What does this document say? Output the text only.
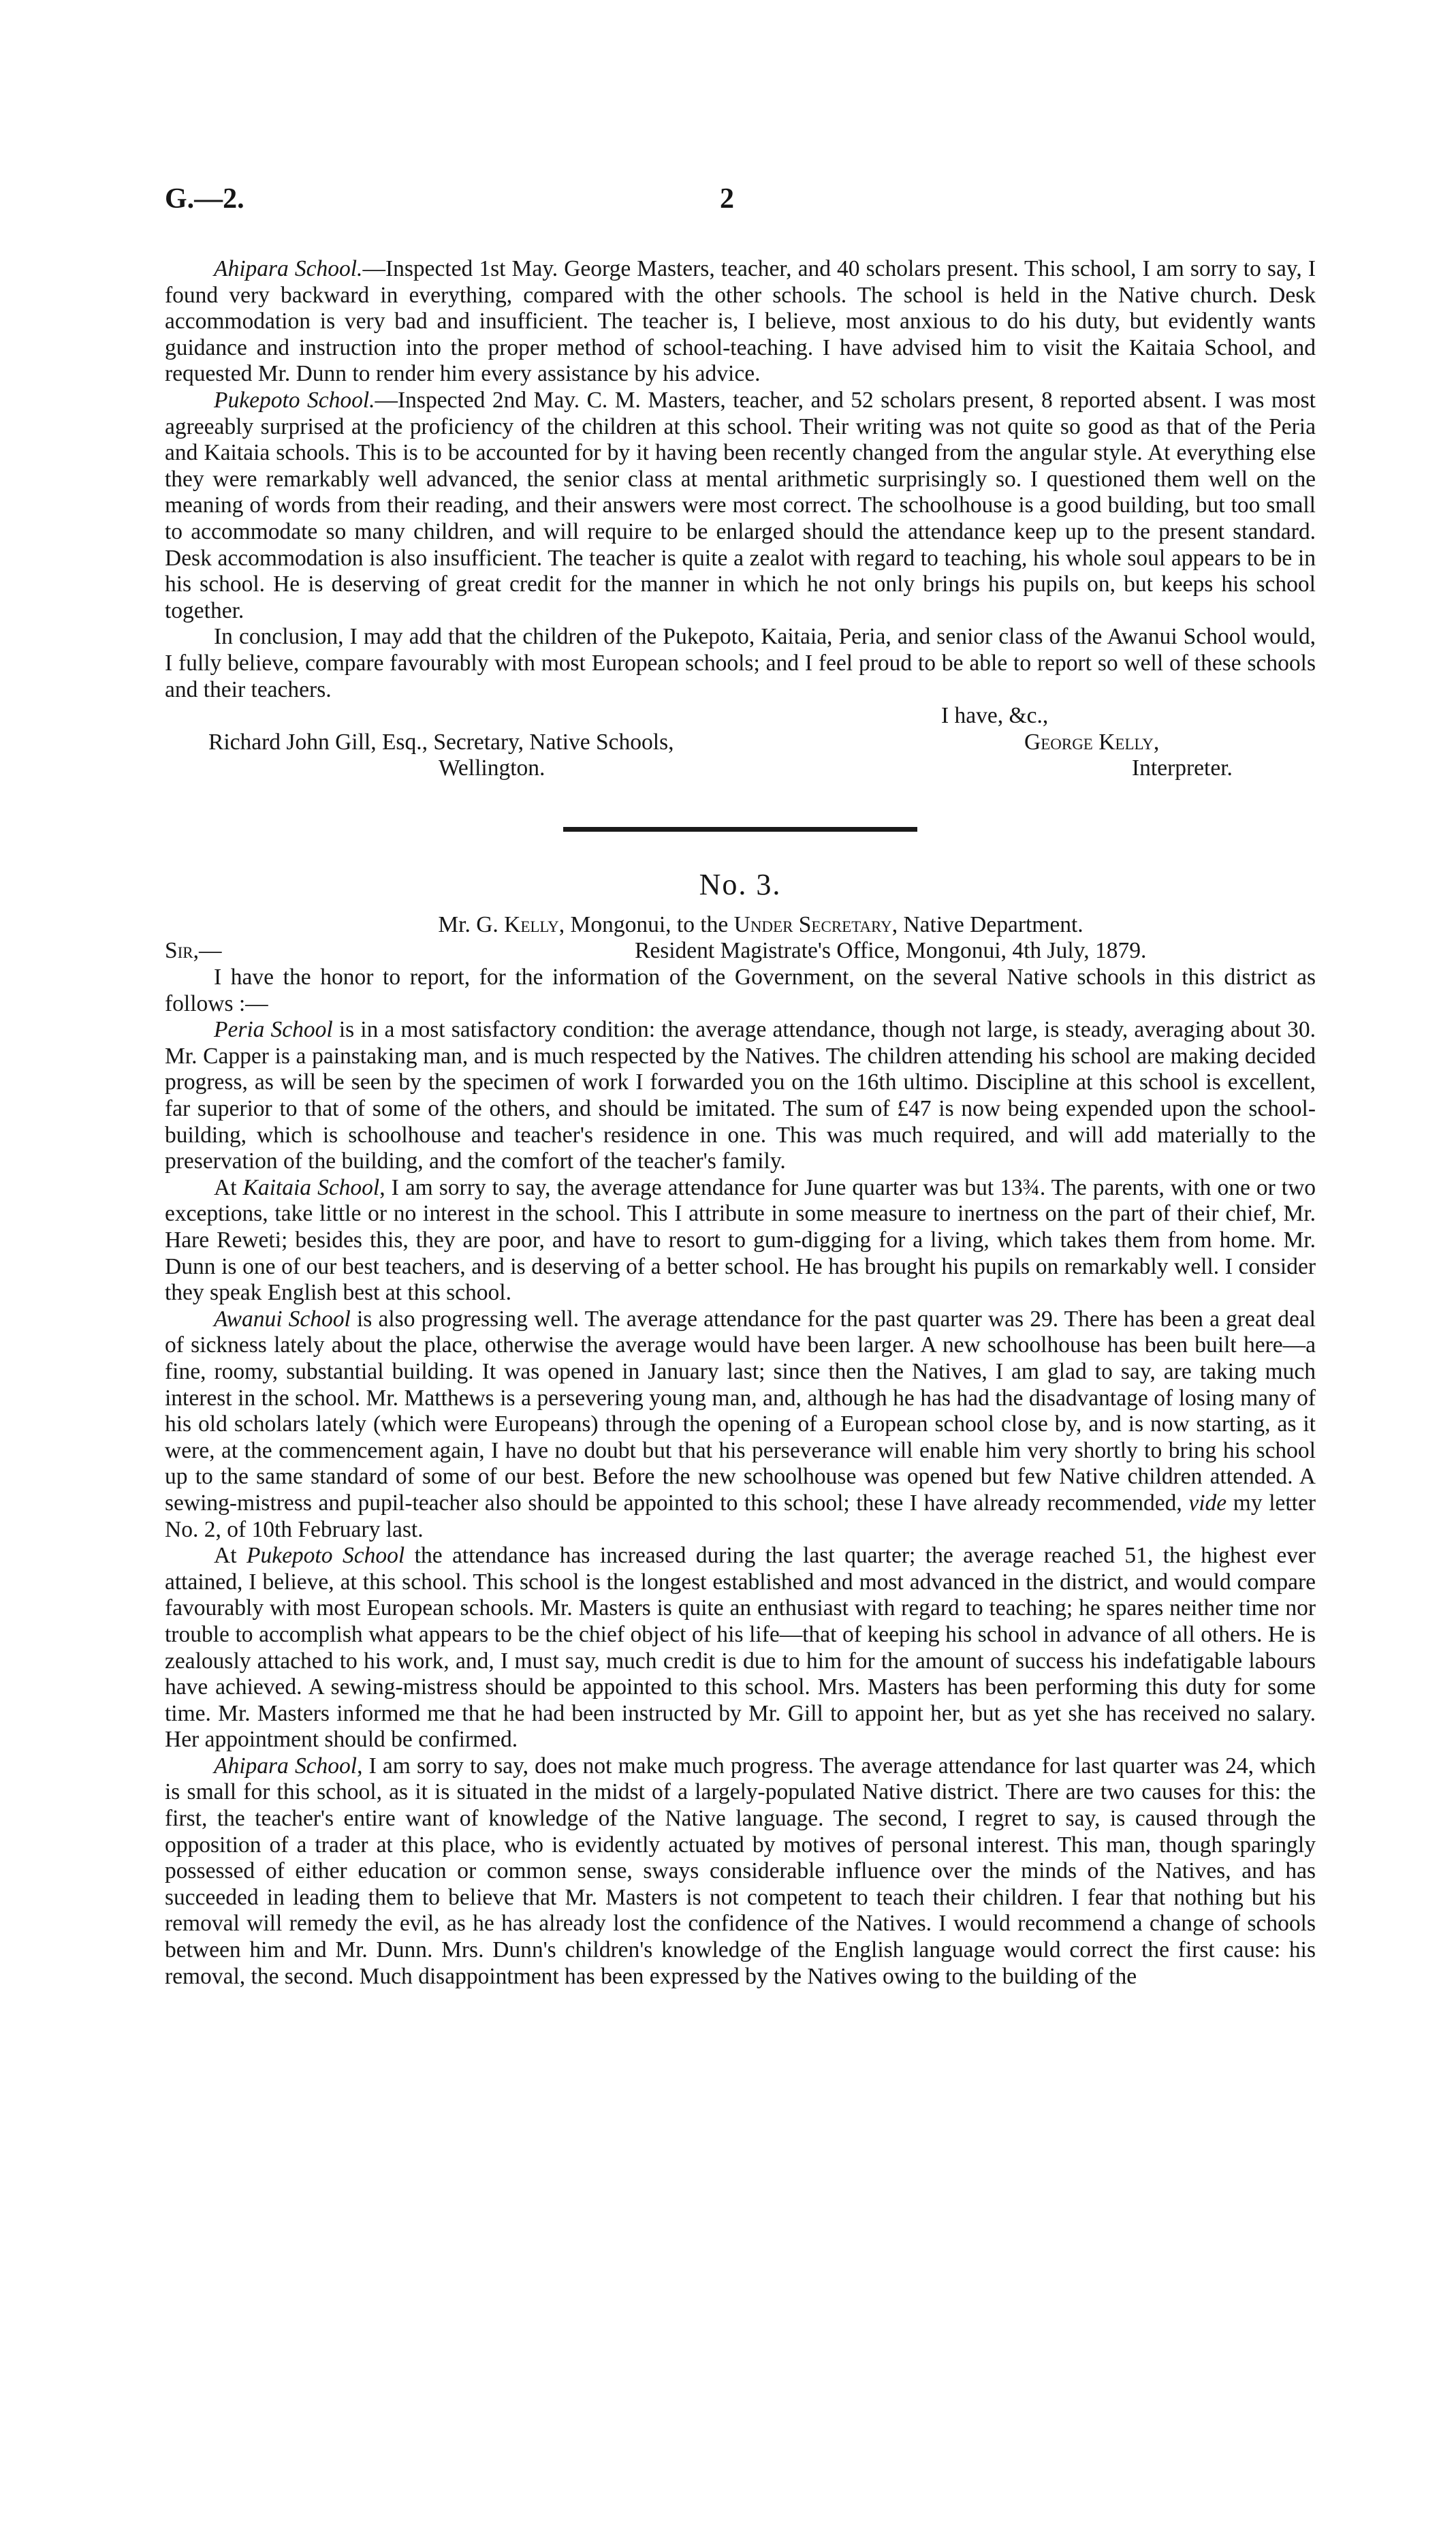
G.—2.	2

Ahipara School.—Inspected 1st May. George Masters, teacher, and 40 scholars present. This school, I am sorry to say, I found very backward in everything, compared with the other schools. The school is held in the Native church. Desk accommodation is very bad and insufficient. The teacher is, I believe, most anxious to do his duty, but evidently wants guidance and instruction into the proper method of school-teaching. I have advised him to visit the Kaitaia School, and requested Mr. Dunn to render him every assistance by his advice.

Pukepoto School.—Inspected 2nd May. C. M. Masters, teacher, and 52 scholars present, 8 reported absent. I was most agreeably surprised at the proficiency of the children at this school. Their writing was not quite so good as that of the Peria and Kaitaia schools. This is to be accounted for by it having been recently changed from the angular style. At everything else they were remarkably well advanced, the senior class at mental arithmetic surprisingly so. I questioned them well on the meaning of words from their reading, and their answers were most correct. The schoolhouse is a good building, but too small to accommodate so many children, and will require to be enlarged should the attendance keep up to the present standard. Desk accommodation is also insufficient. The teacher is quite a zealot with regard to teaching, his whole soul appears to be in his school. He is deserving of great credit for the manner in which he not only brings his pupils on, but keeps his school together.

In conclusion, I may add that the children of the Pukepoto, Kaitaia, Peria, and senior class of the Awanui School would, I fully believe, compare favourably with most European schools; and I feel proud to be able to report so well of these schools and their teachers.

I have, &c.,
Richard John Gill, Esq., Secretary, Native Schools,	George Kelly,
Wellington.	Interpreter.
No. 3.

Mr. G. Kelly, Mongonui, to the Under Secretary, Native Department.

Sir,—	Resident Magistrate's Office, Mongonui, 4th July, 1879.

I have the honor to report, for the information of the Government, on the several Native schools in this district as follows :—

Peria School is in a most satisfactory condition: the average attendance, though not large, is steady, averaging about 30. Mr. Capper is a painstaking man, and is much respected by the Natives. The children attending his school are making decided progress, as will be seen by the specimen of work I forwarded you on the 16th ultimo. Discipline at this school is excellent, far superior to that of some of the others, and should be imitated. The sum of £47 is now being expended upon the school-building, which is schoolhouse and teacher's residence in one. This was much required, and will add materially to the preservation of the building, and the comfort of the teacher's family.

At Kaitaia School, I am sorry to say, the average attendance for June quarter was but 13¾. The parents, with one or two exceptions, take little or no interest in the school. This I attribute in some measure to inertness on the part of their chief, Mr. Hare Reweti; besides this, they are poor, and have to resort to gum-digging for a living, which takes them from home. Mr. Dunn is one of our best teachers, and is deserving of a better school. He has brought his pupils on remarkably well. I consider they speak English best at this school.

Awanui School is also progressing well. The average attendance for the past quarter was 29. There has been a great deal of sickness lately about the place, otherwise the average would have been larger. A new schoolhouse has been built here—a fine, roomy, substantial building. It was opened in January last; since then the Natives, I am glad to say, are taking much interest in the school. Mr. Matthews is a persevering young man, and, although he has had the disadvantage of losing many of his old scholars lately (which were Europeans) through the opening of a European school close by, and is now starting, as it were, at the commencement again, I have no doubt but that his perseverance will enable him very shortly to bring his school up to the same standard of some of our best. Before the new schoolhouse was opened but few Native children attended. A sewing-mistress and pupil-teacher also should be appointed to this school; these I have already recommended, vide my letter No. 2, of 10th February last.

At Pukepoto School the attendance has increased during the last quarter; the average reached 51, the highest ever attained, I believe, at this school. This school is the longest established and most advanced in the district, and would compare favourably with most European schools. Mr. Masters is quite an enthusiast with regard to teaching; he spares neither time nor trouble to accomplish what appears to be the chief object of his life—that of keeping his school in advance of all others. He is zealously attached to his work, and, I must say, much credit is due to him for the amount of success his indefatigable labours have achieved. A sewing-mistress should be appointed to this school. Mrs. Masters has been performing this duty for some time. Mr. Masters informed me that he had been instructed by Mr. Gill to appoint her, but as yet she has received no salary. Her appointment should be confirmed.

Ahipara School, I am sorry to say, does not make much progress. The average attendance for last quarter was 24, which is small for this school, as it is situated in the midst of a largely-populated Native district. There are two causes for this: the first, the teacher's entire want of knowledge of the Native language. The second, I regret to say, is caused through the opposition of a trader at this place, who is evidently actuated by motives of personal interest. This man, though sparingly possessed of either education or common sense, sways considerable influence over the minds of the Natives, and has succeeded in leading them to believe that Mr. Masters is not competent to teach their children. I fear that nothing but his removal will remedy the evil, as he has already lost the confidence of the Natives. I would recommend a change of schools between him and Mr. Dunn. Mrs. Dunn's children's knowledge of the English language would correct the first cause: his removal, the second. Much disappointment has been expressed by the Natives owing to the building of the
